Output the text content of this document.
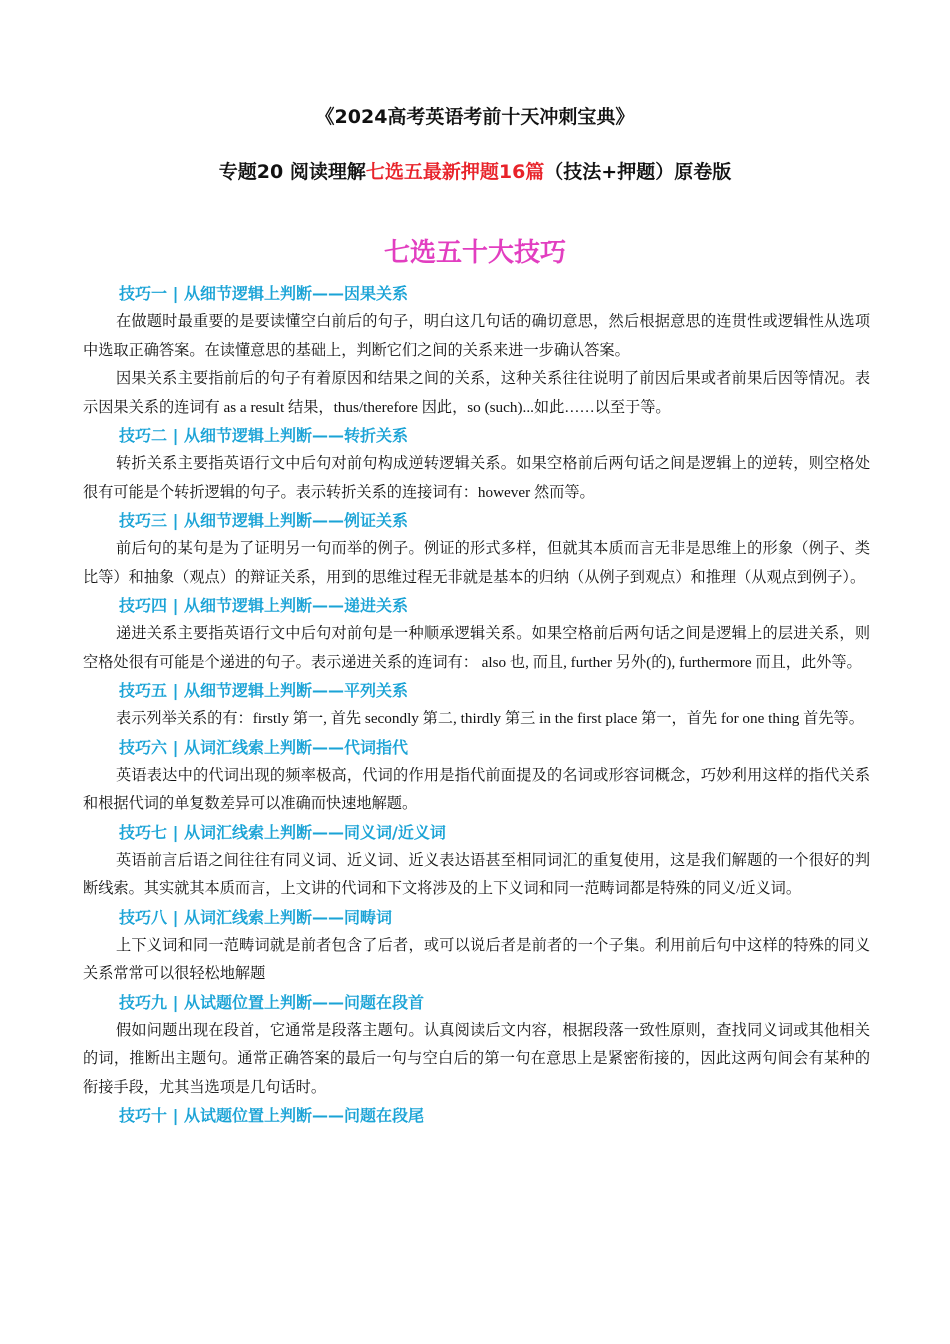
《2024高考英语考前十天冲刺宝典》
专题20 阅读理解七选五最新押题16篇（技法+押题）原卷版
七选五十大技巧
技巧一 | 从细节逻辑上判断——因果关系

在做题时最重要的是要读懂空白前后的句子，明白这几句话的确切意思，然后根据意思的连贯性或逻辑性从选项中选取正确答案。在读懂意思的基础上，判断它们之间的关系来进一步确认答案。

因果关系主要指前后的句子有着原因和结果之间的关系，这种关系往往说明了前因后果或者前果后因等情况。表示因果关系的连词有 as a result 结果，thus/therefore 因此，so (such)...如此……以至于等。

技巧二 | 从细节逻辑上判断——转折关系

转折关系主要指英语行文中后句对前句构成逆转逻辑关系。如果空格前后两句话之间是逻辑上的逆转，则空格处很有可能是个转折逻辑的句子。表示转折关系的连接词有：however 然而等。

技巧三 | 从细节逻辑上判断——例证关系

前后句的某句是为了证明另一句而举的例子。例证的形式多样，但就其本质而言无非是思维上的形象（例子、类比等）和抽象（观点）的辩证关系，用到的思维过程无非就是基本的归纳（从例子到观点）和推理（从观点到例子）。

技巧四 | 从细节逻辑上判断——递进关系

递进关系主要指英语行文中后句对前句是一种顺承逻辑关系。如果空格前后两句话之间是逻辑上的层进关系，则空格处很有可能是个递进的句子。表示递进关系的连词有： also 也, 而且, further 另外(的), furthermore 而且，此外等。

技巧五 | 从细节逻辑上判断——平列关系

表示列举关系的有：firstly 第一, 首先 secondly 第二, thirdly 第三 in the first place 第一，首先 for one thing 首先等。

技巧六 | 从词汇线索上判断——代词指代

英语表达中的代词出现的频率极高，代词的作用是指代前面提及的名词或形容词概念，巧妙利用这样的指代关系和根据代词的单复数差异可以准确而快速地解题。

技巧七 | 从词汇线索上判断——同义词/近义词

英语前言后语之间往往有同义词、近义词、近义表达语甚至相同词汇的重复使用，这是我们解题的一个很好的判断线索。其实就其本质而言，上文讲的代词和下文将涉及的上下义词和同一范畴词都是特殊的同义/近义词。

技巧八 | 从词汇线索上判断——同畴词

上下义词和同一范畴词就是前者包含了后者，或可以说后者是前者的一个子集。利用前后句中这样的特殊的同义关系常常可以很轻松地解题

技巧九 | 从试题位置上判断——问题在段首

假如问题出现在段首，它通常是段落主题句。认真阅读后文内容，根据段落一致性原则，查找同义词或其他相关的词，推断出主题句。通常正确答案的最后一句与空白后的第一句在意思上是紧密衔接的，因此这两句间会有某种的衔接手段，尤其当选项是几句话时。

技巧十 | 从试题位置上判断——问题在段尾
